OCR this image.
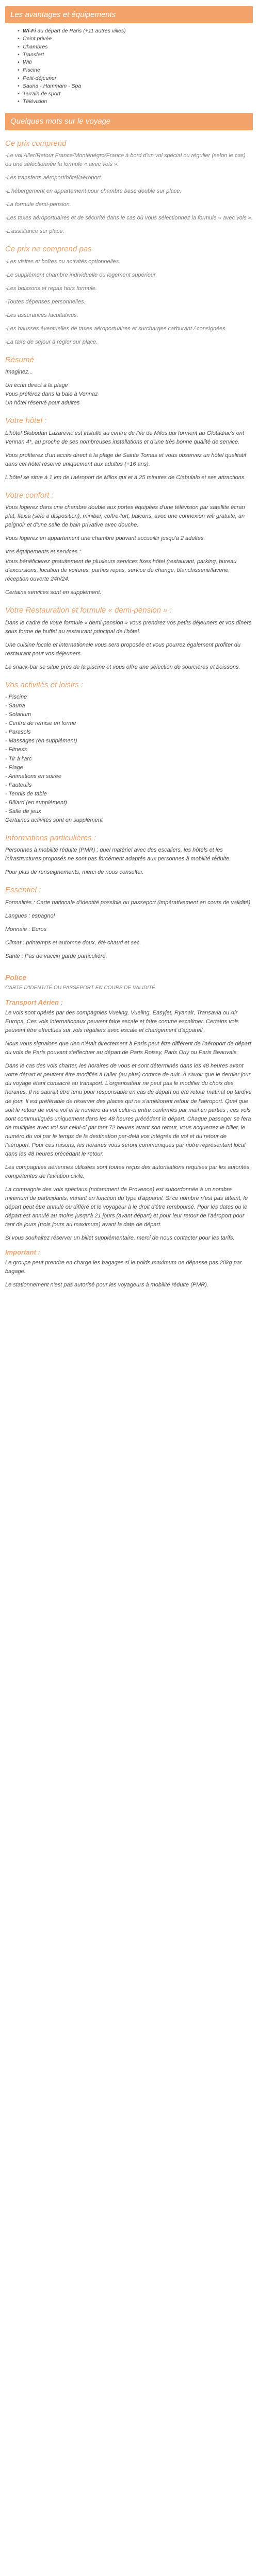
Les avantages et équipements
• Wi-Fi au départ de Paris (+11 autres villes)
• Ceint privée
• Chambres
• Transfert
• Wifi
• Piscine
• Petit-déjeuner
• Sauna - Hammam - Spa
• Terrain de sport
• Télévision
Quelques mots sur le voyage
Ce prix comprend

-Le vol Aller/Retour France/Monténégro/France à bord d'un vol spécial ou régulier (selon le cas) ou une sélectionnée la formule « avec vols ».

-Les transferts aéroport/hôtel/aéroport

-L'hébergement en appartement pour chambre base double sur place.

-La formule demi-pension.

-Les taxes aéroportuaires et de sécurité dans le cas où vous sélectionnez la formule « avec vols ».

-L'assistance sur place.

Ce prix ne comprend pas

-Les visites et boîtes ou activités optionnelles.

-Le supplément chambre individuelle ou logement supérieur.

-Les boissons et repas hors formule.

-Toutes dépenses personnelles.

-Les assurances facultatives.

-Les hausses éventuelles de taxes aéroportuaires et surcharges carburant / consignées.

-La taxe de séjour à régler sur place.

Résumé

Imaginez...

Un écrin direct à la plage

Vous préférez dans la baie à Vennaz

Un hôtel réservé pour adultes

Votre hôtel :

L'hôtel Slobodan Lazarevic est installé au centre de l'île de Milos qui forment au Glotadiac's ont Vennan 4*, au proche de ses nombreuses installations et d'une très bonne qualité de service.

Vous profiterez d'un accès direct à la plage de Sainte Tomas et vous observez un hôtel qualitatif dans cet hôtel réservé uniquement aux adultes (+16 ans).

L'hôtel se situe à 1 km de l'aéroport de Milos qui et à 25 minutes de Ciabulalo et ses attractions.

Votre confort :

Vous logerez dans une chambre double aux portes équipées d'une télévision par satellite écran plat, flexia (sélé à disposition), minibar, coffre-fort, balcons, avec une connexion wifi gratuite, un peignoir et d'une salle de bain privative avec douche.

Vous logerez en appartement une chambre pouvant accueillir jusqu'à 2 adultes.

Vos équipements et services :

Vous bénéficierez gratuitement de plusieurs services fixes hôtel (restaurant, parking, bureau d'excursions, location de voitures, parties repas, service de change, blanchisserie/laverie, réception ouverte 24h/24.

Certains services sont en supplément.

Votre Restauration et formule « demi-pension » :

Dans le cadre de votre formule « demi-pension » vous prendrez vos petits déjeuners et vos dîners sous forme de buffet au restaurant principal de l'hôtel.

Une cuisine locale et internationale vous sera proposée et vous pourrez également profiter du restaurant pour vos déjeuners.

Le snack-bar se situe près de la piscine et vous offre une sélection de sourcières et boissons.

Vos activités et loisirs :
- Piscine
- Sauna
- Solarium
- Centre de remise en forme
- Parasols
- Massages (en supplément)
- Fitness
- Tir à l'arc
- Plage
- Animations en soirée
- Fauteuils
- Tennis de table
- Billard (en supplément)
- Salle de jeux
Certaines activités sont en supplément
Informations particulières :

Personnes à mobilité réduite (PMR) : quel matériel avec des escaliers, les hôtels et les infrastructures proposés ne sont pas forcément adaptés aux personnes à mobilité réduite.

Pour plus de renseignements, merci de nous consulter.

Essentiel :

Formalités : Carte nationale d'identité possible ou passeport (impérativement en cours de validité)

Langues : espagnol

Monnaie : Euros

Climat : printemps et automne doux, été chaud et sec.

Santé : Pas de vaccin garde particulière.

Police
CARTE D'IDENTITÉ OU PASSEPORT EN COURS DE VALIDITÉ.
Transport Aérien :

Le vols sont opérés par des compagnies Vueling, Vueling, Easyjet, Ryanair, Transavia ou Air Europa. Ces vols internationaux peuvent faire escale et faire comme escalimer. Certains vols peuvent être effectués sur vols réguliers avec escale et changement d'appareil.

Nous vous signalons que rien n'était directement à Paris peut être différent de l'aéroport de départ du vols de Paris pouvant s'effectuer au départ de Paris Roissy, Paris Orly ou Paris Beauvais.

Dans le cas des vols charter, les horaires de vous et sont déterminés dans les 48 heures avant votre départ et peuvent être modifiés à l'aller (au plus) comme de nuit. À savoir que le dernier jour du voyage étant consacré au transport. L'organisateur ne peut pas le modifier du choix des horaires. Il ne saurait être tenu pour responsable en cas de départ ou été retour matinal ou tardive de jour. Il est préférable de réserver des places qui ne s'améliorent retour de l'aéroport. Quel que soit le retour de votre vol et le numéro du vol celui-ci entre confirmés par mail en parties ; ces vols sont communiqués uniquement dans les 48 heures précédant le départ. Chaque passager se fera de multiples avec vol sur celui-ci par tant 72 heures avant son retour, vous acquerrez le billet, le numéro du vol par le temps de la destination par-delà vos intégrés de vol et du retour de l'aéroport. Pour ces raisons, les horaires vous seront communiqués par notre représentant local dans les 48 heures précédant le retour.

Les compagnies aériennes utilisées sont toutes reçus des autorisations requises par les autorités compétentes de l'aviation civile.

La compagnie des vols spéciaux (notamment de Provence) est subordonnée à un nombre minimum de participants, variant en fonction du type d'appareil. Si ce nombre n'est pas atteint, le départ peut être annulé ou différé et le voyageur à le droit d'être remboursé. Pour les dates ou le départ est annulé au moins jusqu'à 21 jours (avant départ) et pour leur retour de l'aéroport pour tant de jours (trois jours au maximum) avant la date de départ.

Si vous souhaitez réserver un billet supplémentaire, merci de nous contacter pour les tarifs.

Important :

Le groupe peut prendre en charge les bagages si le poids maximum ne dépasse pas 20kg par bagage.

Le stationnement n'est pas autorisé pour les voyageurs à mobilité réduite (PMR).
